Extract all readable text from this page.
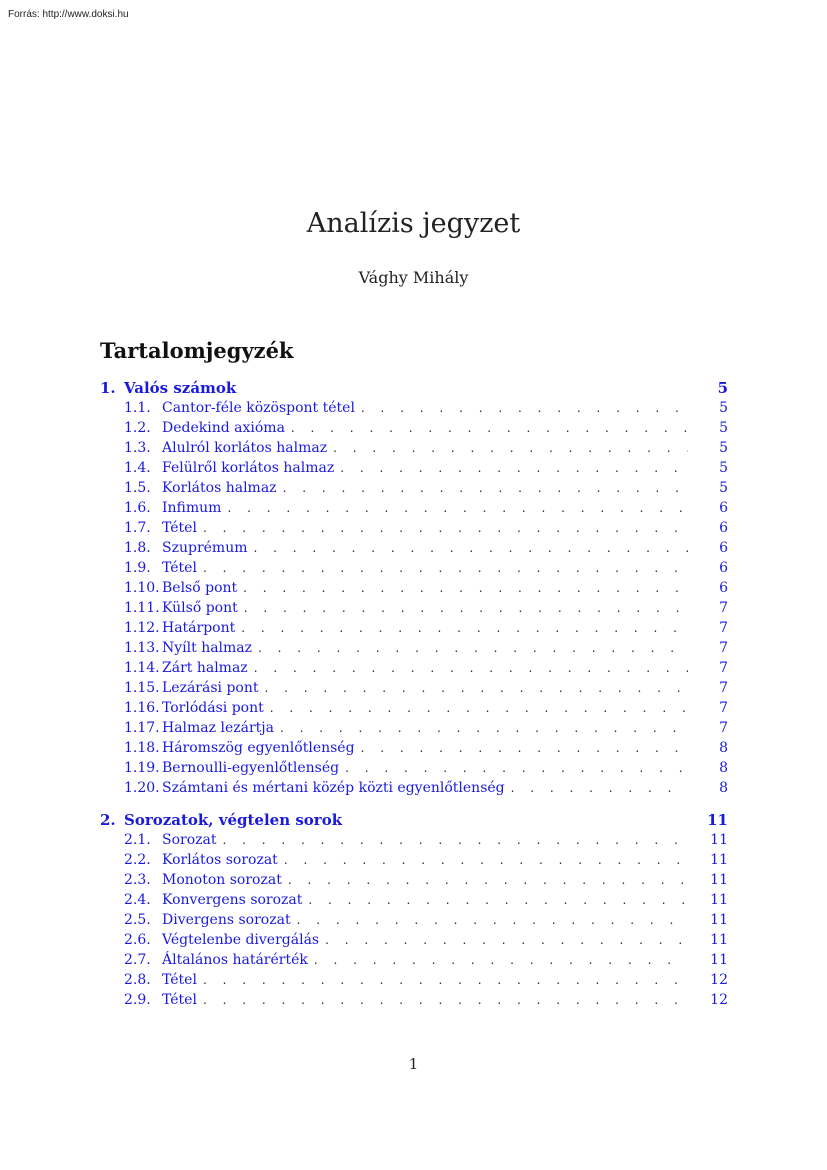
Forrás: http://www.doksi.hu
Analízis jegyzet
Vághy Mihály
Tartalomjegyzék
1. Valós számok	5
1.1. Cantor-féle közöspont tétel . . .	5
1.2. Dedekind axióma . . .	5
1.3. Alulról korlátos halmaz . . .	5
1.4. Felülről korlátos halmaz . . .	5
1.5. Korlátos halmaz . . .	5
1.6. Infimum . . .	6
1.7. Tétel . . .	6
1.8. Szuprémum . . .	6
1.9. Tétel . . .	6
1.10. Belső pont . . .	6
1.11. Külső pont . . .	7
1.12. Határpont . . .	7
1.13. Nyílt halmaz . . .	7
1.14. Zárt halmaz . . .	7
1.15. Lezárási pont . . .	7
1.16. Torlódási pont . . .	7
1.17. Halmaz lezártja . . .	7
1.18. Háromszög egyenlőtlenség . . .	8
1.19. Bernoulli-egyenlőtlenség . . .	8
1.20. Számtani és mértani közép közti egyenlőtlenség . . .	8
2. Sorozatok, végtelen sorok	11
2.1. Sorozat . . .	11
2.2. Korlátos sorozat . . .	11
2.3. Monoton sorozat . . .	11
2.4. Konvergens sorozat . . .	11
2.5. Divergens sorozat . . .	11
2.6. Végtelenbe divergálás . . .	11
2.7. Általános határérték . . .	11
2.8. Tétel . . .	12
2.9. Tétel . . .	12
1
